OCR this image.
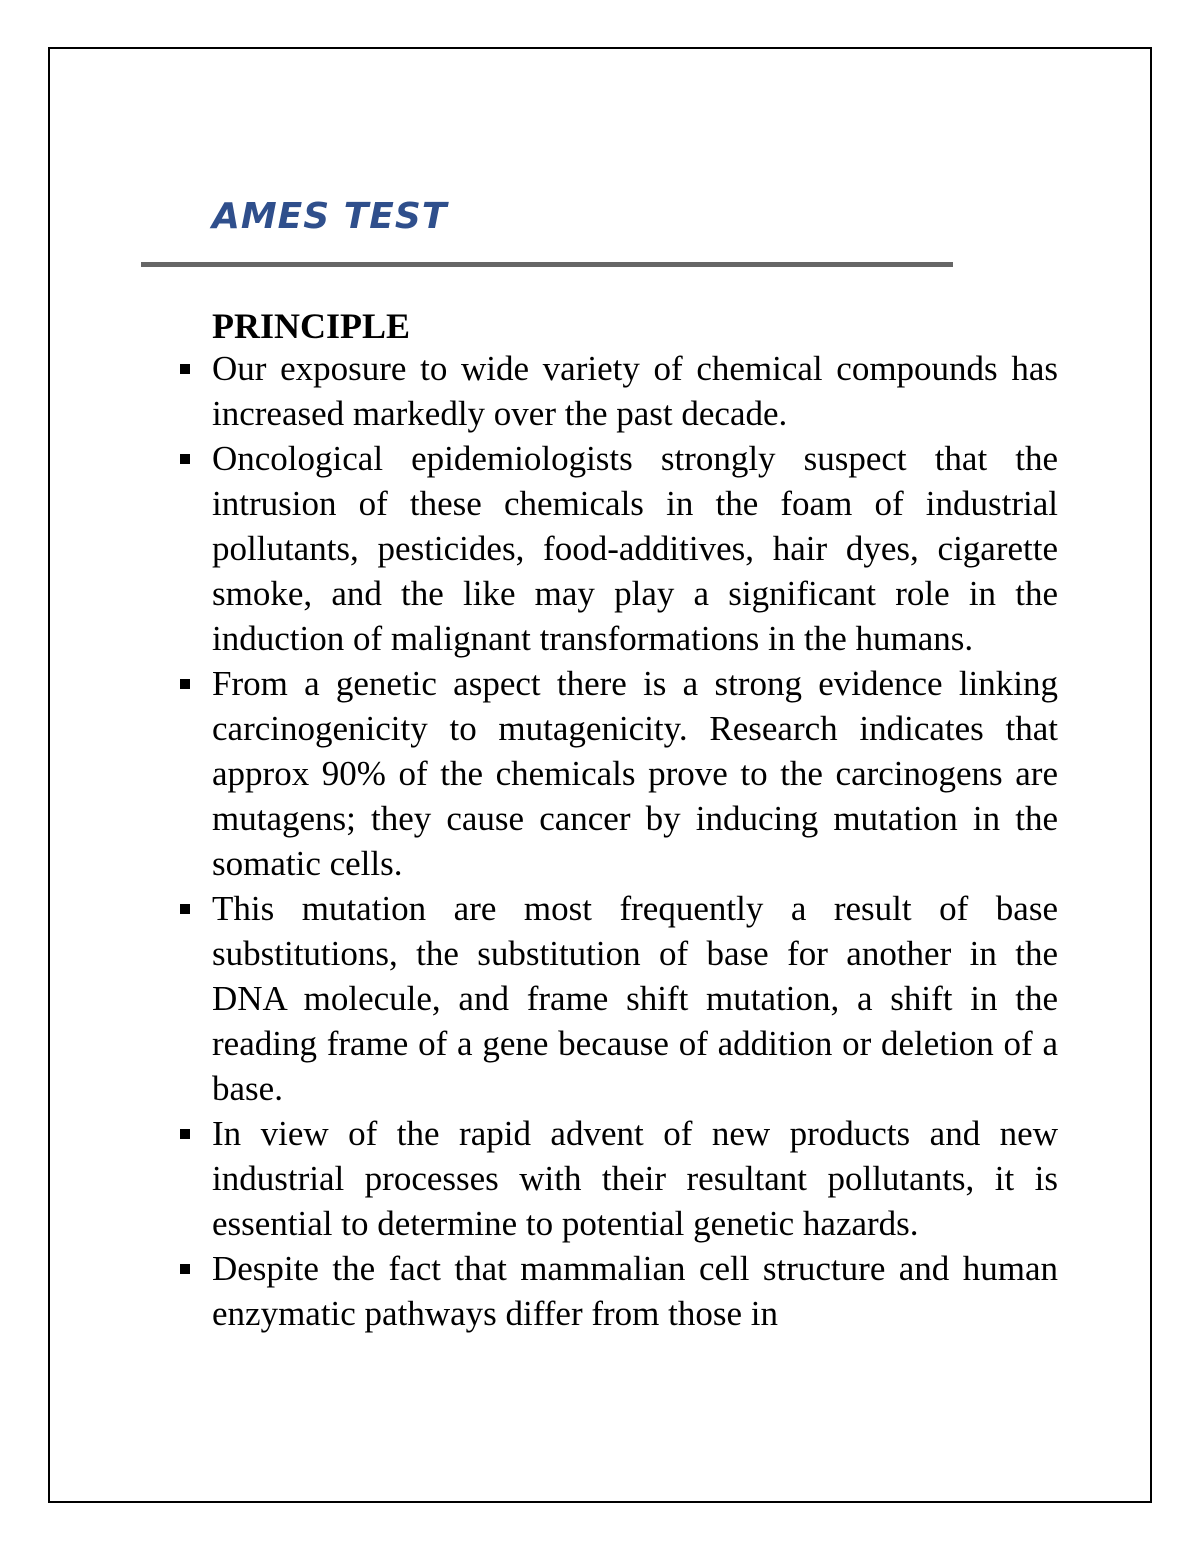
AMES TEST
PRINCIPLE
Our exposure to wide variety of chemical compounds has increased markedly over the past decade.
Oncological epidemiologists strongly suspect that the intrusion of these chemicals in the foam of industrial pollutants, pesticides, food-additives, hair dyes, cigarette smoke, and the like may play a significant role in the induction of malignant transformations in the humans.
From a genetic aspect there is a strong evidence linking carcinogenicity to mutagenicity. Research indicates that approx 90% of the chemicals prove to the carcinogens are mutagens; they cause cancer by inducing mutation in the somatic cells.
This mutation are most frequently a result of base substitutions, the substitution of base for another in the DNA molecule, and frame shift mutation, a shift in the reading frame of a gene because of addition or deletion of a base.
In view of the rapid advent of new products and new industrial processes with their resultant pollutants, it is essential to determine to potential genetic hazards.
Despite the fact that mammalian cell structure and human enzymatic pathways differ from those in
